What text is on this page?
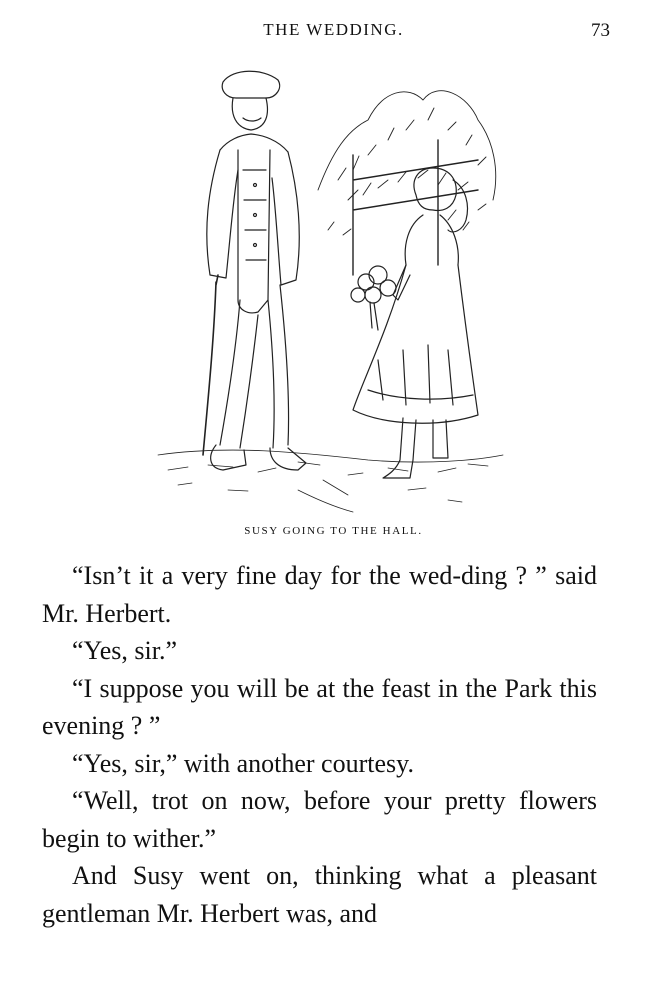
THE WEDDING.	73
SUSY GOING TO THE HALL.

“Isn’t it a very fine day for the wed-ding ? ” said Mr. Herbert.

“Yes, sir.”

“I suppose you will be at the feast in the Park this evening ? ”

“Yes, sir,” with another courtesy.

“Well, trot on now, before your pretty flowers begin to wither.”

And Susy went on, thinking what a pleasant gentleman Mr. Herbert was, and
